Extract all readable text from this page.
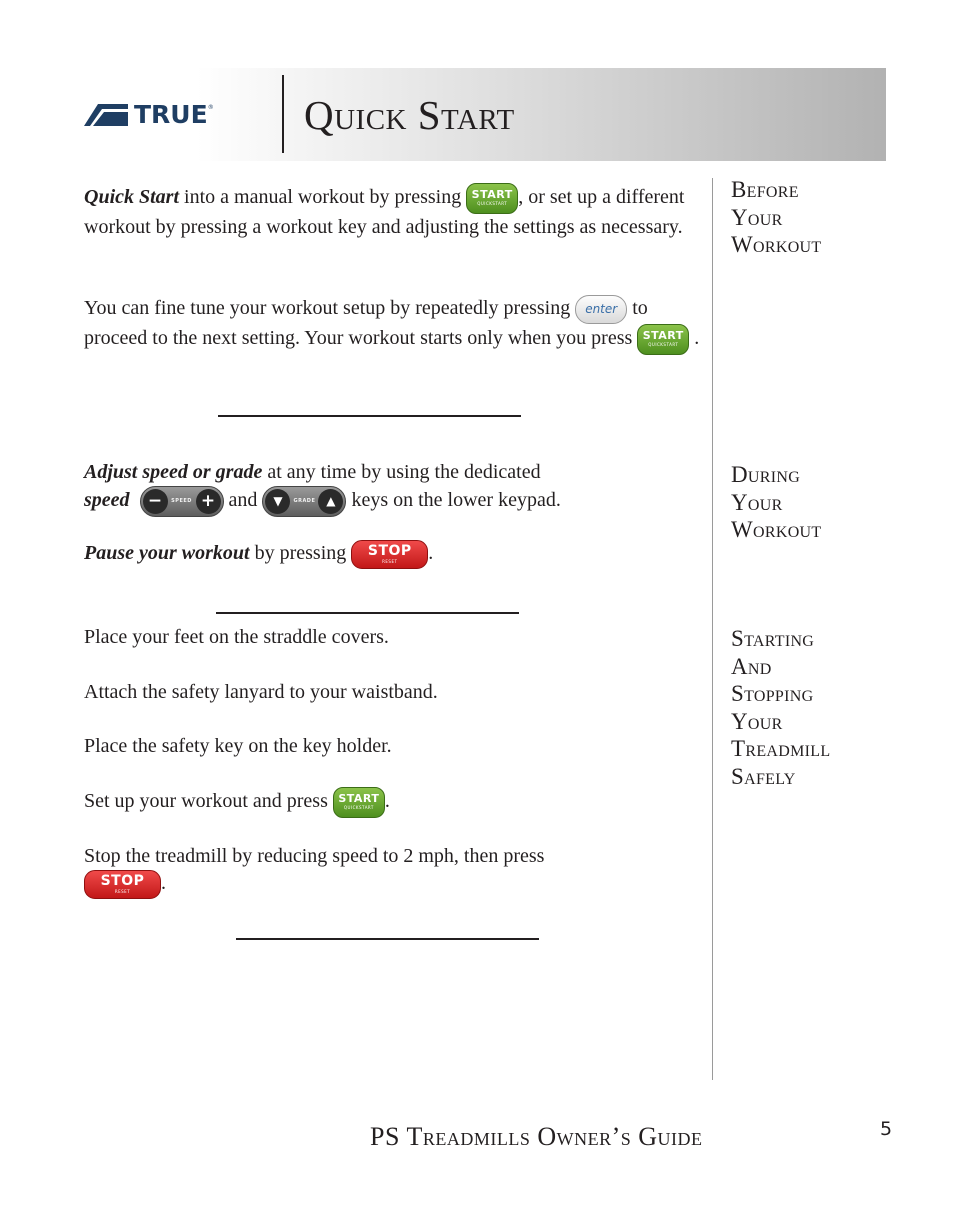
TRUE ® Quick Start
Before
Your
Workout
During
Your
Workout
Starting
And
Stopping
Your
Treadmill
Safely
Quick Start into a manual workout by pressing START
QUICKSTART , or set up a different workout by pressing a workout key and adjusting the settings as necessary.
You can fine tune your workout setup by repeatedly pressing enter to proceed to the next setting. Your workout starts only when you press START
QUICKSTART .
Adjust speed or grade at any time by using the dedicated
speed	−	SPEED + and ▼	GRADE ▲ keys on the lower keypad.
Pause your workout by pressing	STOP
RESET	.
Place your feet on the straddle covers.
Attach the safety lanyard to your waistband.
Place the safety key on the key holder.
Set up your workout and press START
QUICKSTART .
Stop the treadmill by reducing speed to 2 mph, then press

STOP
RESET	.
PS Treadmills Owner’s Guide	5
